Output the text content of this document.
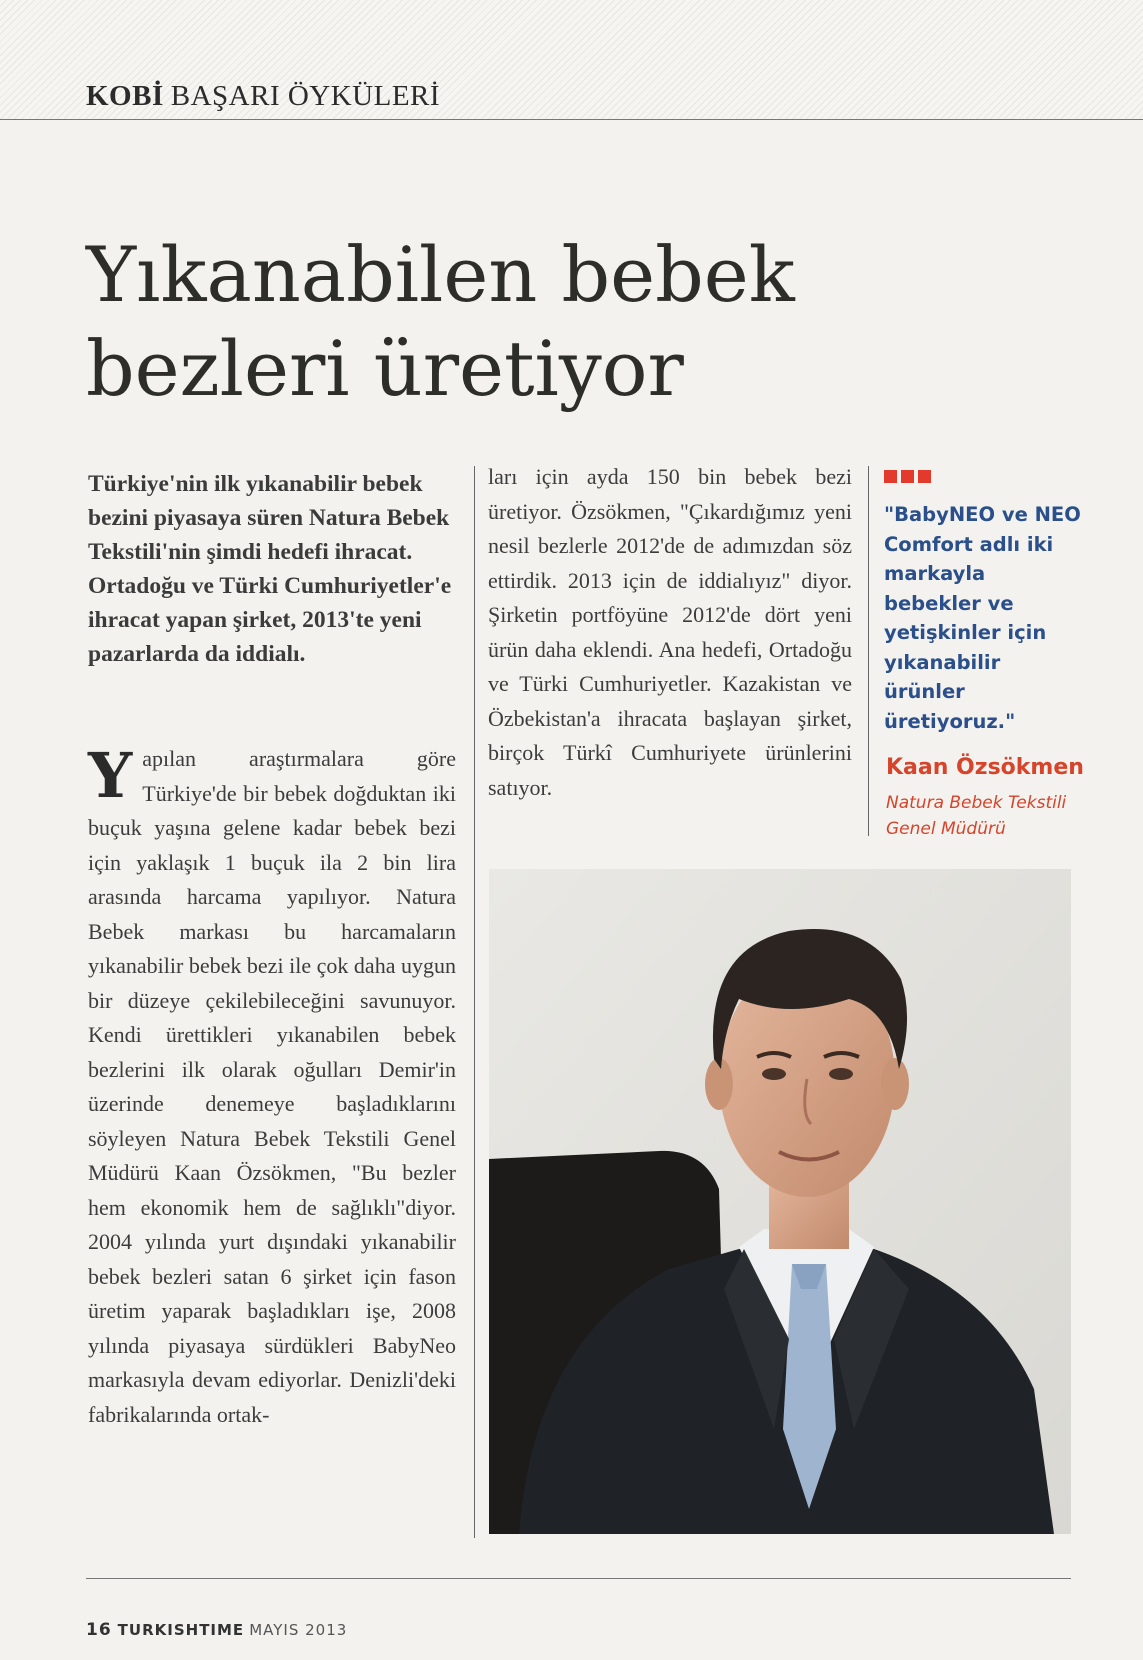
KOBİ BAŞARI ÖYKÜLERİ
Yıkanabilen bebek
bezleri üretiyor

Türkiye'nin ilk yıkanabilir bebek bezini piyasaya süren Natura Bebek Tekstili'nin şimdi hedefi ihracat. Ortadoğu ve Türki Cumhuriyetler'e ihracat yapan şirket, 2013'te yeni pazarlarda da iddialı.

Yapılan araştırmalara göre Türkiye'de bir bebek doğduktan iki buçuk yaşına gelene kadar bebek bezi için yaklaşık 1 buçuk ila 2 bin lira arasında harcama yapılıyor. Natura Bebek markası bu harcamaların yıkanabilir bebek bezi ile çok daha uygun bir düzeye çekilebileceğini savunuyor. Kendi ürettikleri yıkanabilen bebek bezlerini ilk olarak oğulları Demir'in üzerinde denemeye başladıklarını söyleyen Natura Bebek Tekstili Genel Müdürü Kaan Özsökmen, "Bu bezler hem ekonomik hem de sağlıklı"diyor. 2004 yılında yurt dışındaki yıkanabilir bebek bezleri satan 6 şirket için fason üretim yaparak başladıkları işe, 2008 yılında piyasaya sürdükleri BabyNeo markasıyla devam ediyorlar. Denizli'deki fabrikalarında ortak-
ları için ayda 150 bin bebek bezi üretiyor. Özsökmen, "Çıkardığımız yeni nesil bezlerle 2012'de de adımızdan söz ettirdik. 2013 için de iddialıyız" diyor. Şirketin portföyüne 2012'de dört yeni ürün daha eklendi. Ana hedefi, Ortadoğu ve Türki Cumhuriyetler. Kazakistan ve Özbekistan'a ihracata başlayan şirket, birçok Türkî Cumhuriyete ürünlerini satıyor.

"BabyNEO ve NEO Comfort adlı iki markayla bebekler ve yetişkinler için yıkanabilir ürünler üretiyoruz."

Kaan Özsökmen
Natura Bebek Tekstili
Genel Müdürü
16 TURKISHTIME MAYIS 2013
